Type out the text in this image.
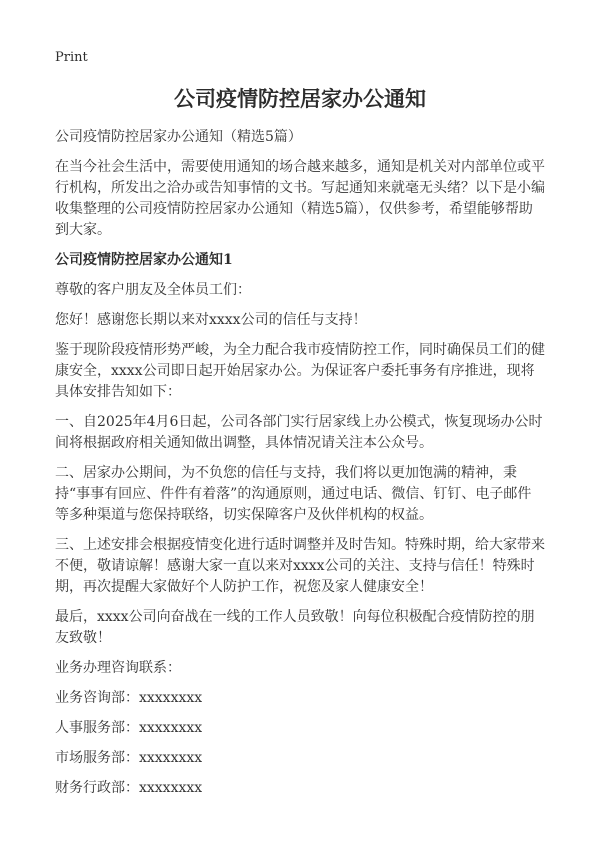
Print
公司疫情防控居家办公通知

公司疫情防控居家办公通知（精选5篇）

在当今社会生活中，需要使用通知的场合越来越多，通知是机关对内部单位或平行机构，所发出之洽办或告知事情的文书。写起通知来就毫无头绪？以下是小编收集整理的公司疫情防控居家办公通知（精选5篇），仅供参考，希望能够帮助到大家。

公司疫情防控居家办公通知1

尊敬的客户朋友及全体员工们：

您好！感谢您长期以来对xxxx公司的信任与支持！

鉴于现阶段疫情形势严峻，为全力配合我市疫情防控工作，同时确保员工们的健康安全，xxxx公司即日起开始居家办公。为保证客户委托事务有序推进，现将具体安排告知如下：

一、自2025年4月6日起，公司各部门实行居家线上办公模式，恢复现场办公时间将根据政府相关通知做出调整，具体情况请关注本公众号。

二、居家办公期间，为不负您的信任与支持，我们将以更加饱满的精神，秉持“事事有回应、件件有着落”的沟通原则，通过电话、微信、钉钉、电子邮件等多种渠道与您保持联络，切实保障客户及伙伴机构的权益。

三、上述安排会根据疫情变化进行适时调整并及时告知。特殊时期，给大家带来不便，敬请谅解！感谢大家一直以来对xxxx公司的关注、支持与信任！特殊时期，再次提醒大家做好个人防护工作，祝您及家人健康安全！

最后，xxxx公司向奋战在一线的工作人员致敬！向每位积极配合疫情防控的朋友致敬！

业务办理咨询联系：

业务咨询部：xxxxxxxx

人事服务部：xxxxxxxx

市场服务部：xxxxxxxx

财务行政部：xxxxxxxx
